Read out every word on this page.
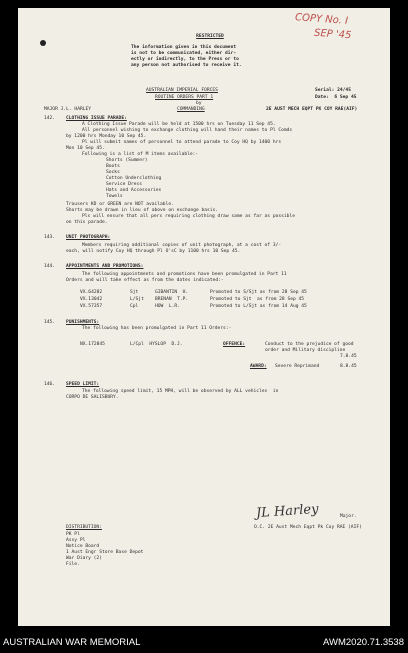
COPY No. I
SEP '45
RESTRICTED
The information given in this document
is not to be communicated, either dir-
ectly or indirectly, to the Press or to
any person not authorised to receive it.
AUSTRALIAN IMPERIAL FORCES	Serial: 24/45
ROUTINE ORDERS PART 1
by
Date:  6 Sep 45
MAJOR J.L. HARLEY	COMMANDING	2E AUST MECH EQPT PK COY RAE(AIF)
142. CLOTHING ISSUE PARADE:
A Clothing Issue Parade will be held at 1500 hrs on Tuesday 11 Sep 45.
All personnel wishing to exchange clothing will hand their names to Pl Comds
by 1200 hrs Monday 10 Sep 45.
Pl will submit names of personnel to attend parade to Coy HQ by 1400 hrs
Mon 10 Sep 45.
Following is a list of M items available:-
Shorts (Summer)
Boots
Socks
Cotton Underclothing
Service Dress
Hats and Accessories
Towels
Trousers KD or GREEN are NOT available.
Shorts may be drawn in lieu of above on exchange basis.
Pls will ensure that all pers requiring clothing draw same as far as possible
on this parade.
143. UNIT PHOTOGRAPH:
Members requiring additional copies of unit photograph, at a cost of 3/-
each, will notify Coy HQ through Pl O'sC by 1100 hrs 10 Sep 45.
144. APPOINTMENTS AND PROMOTIONS:
The following appointments and promotions have been promulgated in Part 11
Orders and will take effect as from the dates indicated:-
VX.64282	Sjt	GIBANTIN  H.	Promoted to S/Sjt as from 28 Sep 45
VX.13042	L/Sjt BRENAN  T.P.	Promoted to Sjt  as from 28 Sep 45
VX.57357	Cpl	HOW  L.R.	Promoted to L/Sjt as from 14 Aug 45
145. PUNISHMENTS:
The following has been promulgated in Part 11 Orders:-
NX.172845	L/Cpl  HYSLOP  D.J.	OFFENCE:	Conduct to the prejudice of good
order and Military discipline
7.8.45
AWARD: Severe Reprimand	8.8.45
146. SPEED LIMIT:
The following speed limit, 15 MPH, will be observed by ALL vehicles  in
CORPO DE SALISBURY.
JL Harley	Major.
O.C. 2E Aust Mech Eqpt Pk Coy RAE (AIF)
DISTRIBUTION:
PK Pl
Assy Pl
Notice Board
1 Aust Engr Store Base Depot
War Diary (2)
File.
AUSTRALIAN WAR MEMORIAL	AWM2020.71.3538
